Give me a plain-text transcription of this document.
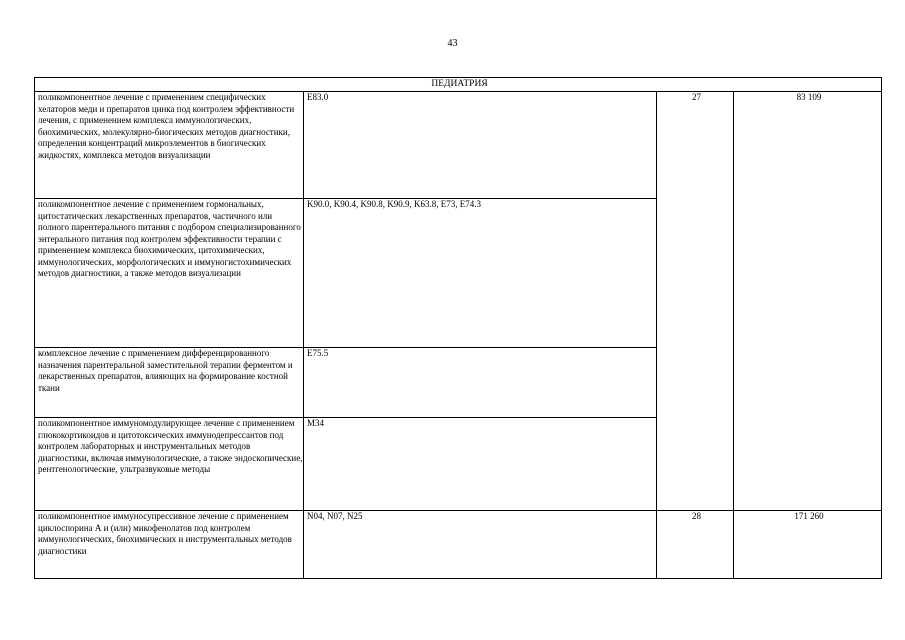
43
ПЕДИАТРИЯ			
поликомпонентное лечение с применением специфических хелаторов меди и препаратов цинка под контролем эффективности лечения, с применением комплекса иммунологических, биохимических, молекулярно-биогических методов диагностики, определения концентраций микроэлементов в биогических жидкостях, комплекса методов визуализации	E83.0	27	83 109
поликомпонентное лечение с применением гормональных, цитостатических лекарственных препаратов, частичного или полного парентерального питания с подбором специализированного энтерального питания под контролем эффективности терапии с применением комплекса биохимических, цитохимических, иммунологических, морфологических и иммуногистохимических методов диагностики, а также методов визуализации	K90.0, K90.4, K90.8, K90.9, K63.8, E73, E74.3		
комплексное лечение с применением дифференцированного назначения парентеральной заместительной терапии ферментом и лекарственных препаратов, влияющих на формирование костной ткани	E75.5		
поликомпонентное иммуномодулирующее лечение с применением глюкокортикоидов и цитотоксических иммунодепрессантов под контролем лабораторных и инструментальных методов диагностики, включая иммунологические, а также эндоскопические, рентгенологические, ультразвуковые методы	M34		
поликомпонентное иммуносупрессивное лечение с применением циклоспорина А и (или) микофенолатов под контролем иммунологических, биохимических и инструментальных методов диагностики	N04, N07, N25	28	171 260
